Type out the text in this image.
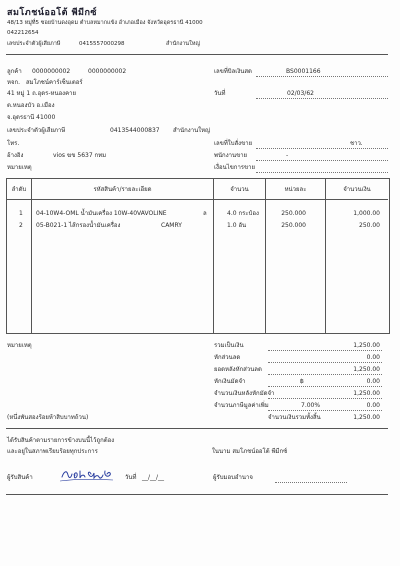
สมโภชน์ออโต้ พีมีกซ์
48/13 หมู่ที่5 ซอยบ้านดงอุดม ตำบลหมากแข้ง อำเภอเมือง จังหวัดอุดรธานี 41000
042212654
เลขประจำตัวผู้เสียภาษี	0415557000298	สำนักงานใหญ่
ลูกค้า 0000000002	0000000002
หจก. สมโภชน์คาร์เซ็นเตอร์
41 หมู่ 1 ถ.อุดร-หนองคาย
ต.หนองบัว อ.เมือง
จ.อุดรธานี 41000
เลขประจำตัวผู้เสียภาษี	0413544000837 สำนักงานใหญ่
โทร.
อ้างอิง	vios ฆข 5637 กทม
หมายเหตุ
เลขที่บิลเงินสด	BS0001166
วันที่	02/03/62
เลขที่ใบสั่งขาย	ชาว.
พนักงานขาย	-
เงื่อนไขการขาย
ลำดับ	รหัสสินค้า/รายละเอียด	จำนวน	หน่วยละ	จำนวนเงิน
1 04-10W4-OML น้ำมันเครื่อง 10W-40VAVOLINE	ล	4.0 กระป๋อง	250.000	1,000.00
2 05-B021-1 ไส้กรองน้ำมันเครื่อง	CAMRY	1.0 อัน	250.000	250.00
หมายเหตุ	รวมเป็นเงิน	1,250.00
หักส่วนลด	0.00
ยอดหลังหักส่วนลด	1,250.00
หักเงินมัดจำ	฿	0.00
จำนวนเงินหลังหักมัดจำ	1,250.00
จำนวนภาษีมูลค่าเพิ่ม	7.00%	0.00
(หนึ่งพันสองร้อยห้าสิบบาทถ้วน)	จำนวนเงินรวมทั้งสิ้น	1,250.00
ได้รับสินค้าตามรายการข้างบนนี้ไว้ถูกต้อง
และอยู่ในสภาพเรียบร้อยทุกประการ	ในนาม สมโภชน์ออโต้ พีมีกซ์
ผู้รับสินค้า	วันที่ __/__/__	ผู้รับมอบอำนาจ
